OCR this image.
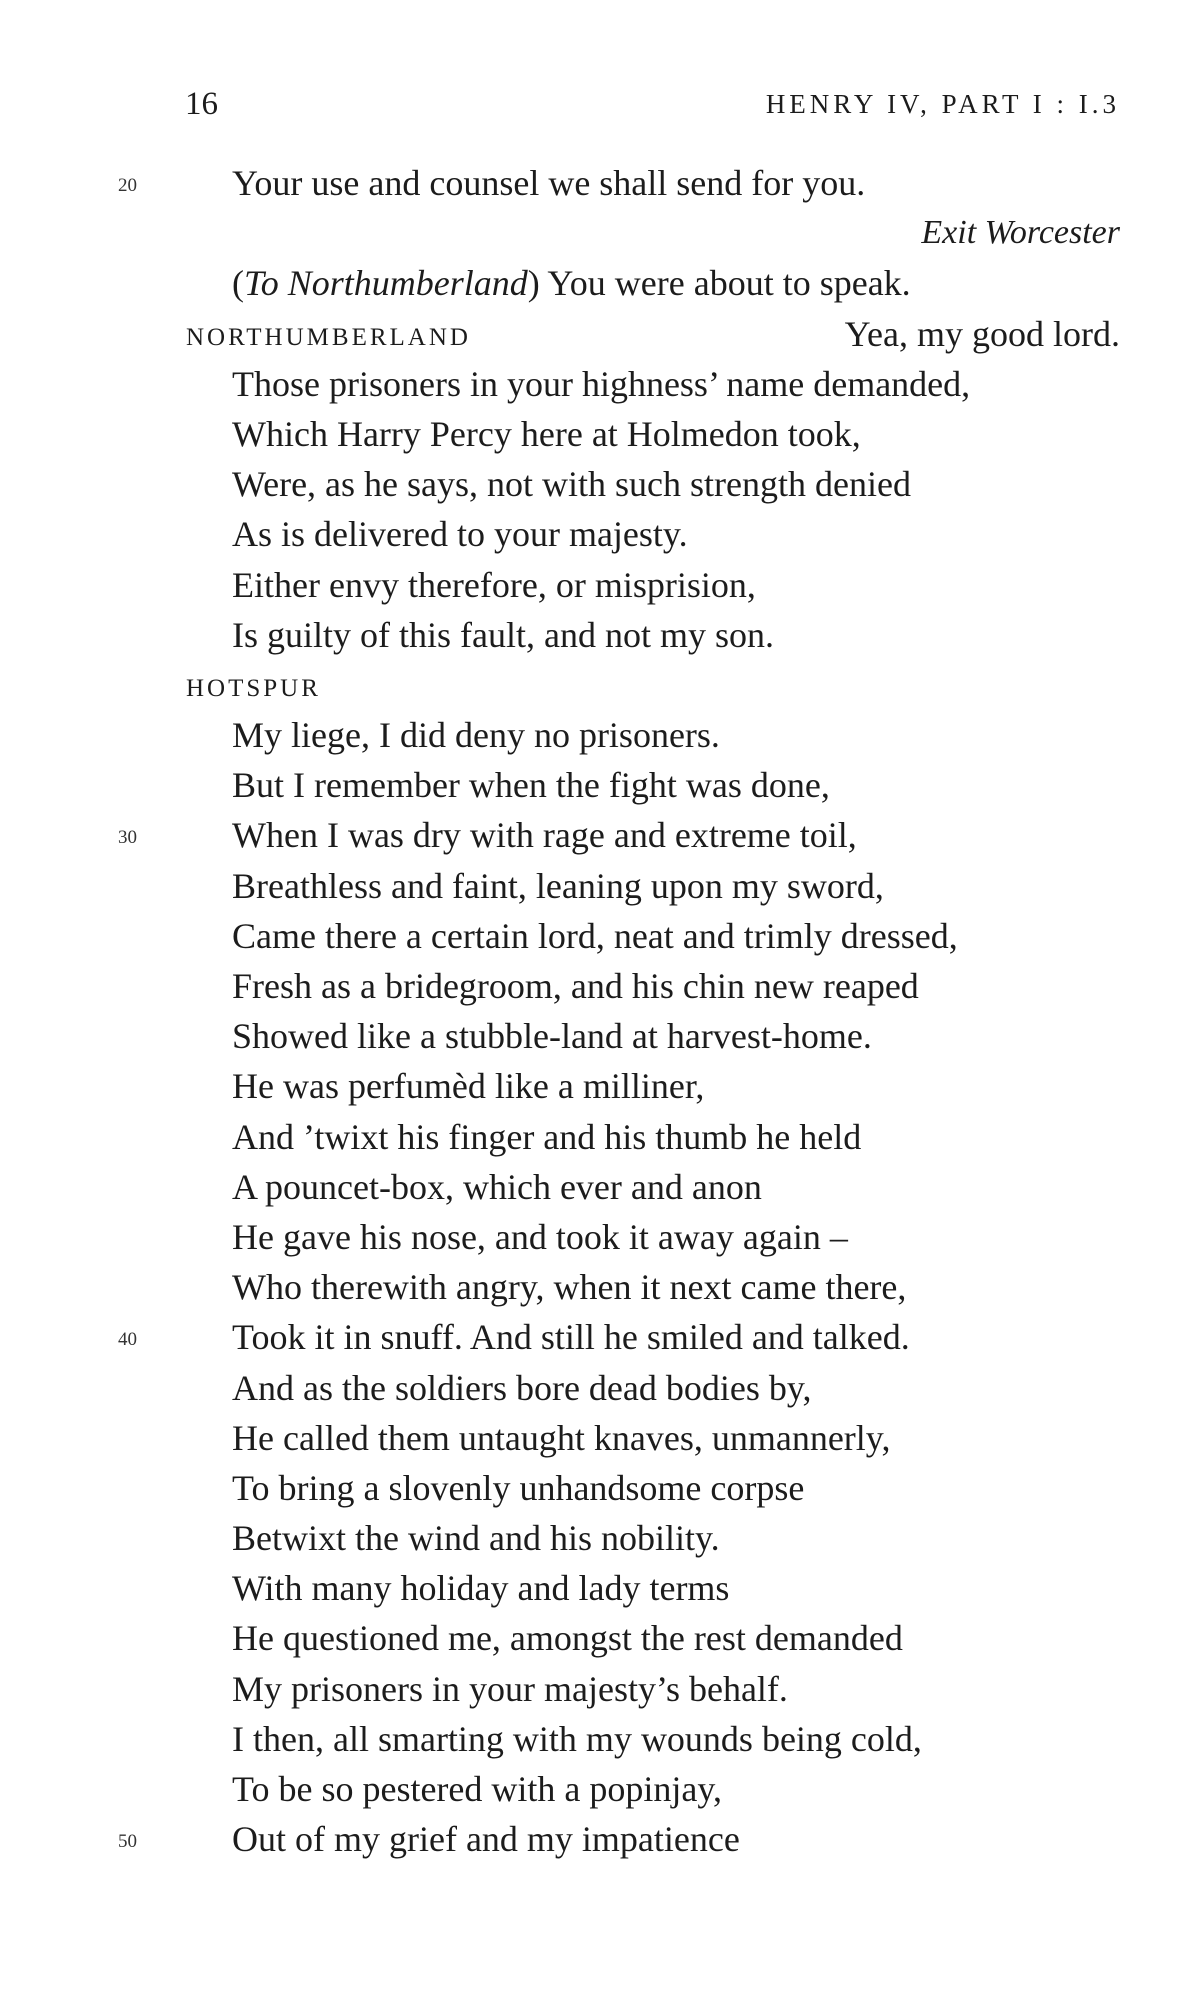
16	HENRY IV, PART I : I.3
20	Your use and counsel we shall send for you.
Exit Worcester
(To Northumberland) You were about to speak.
NORTHUMBERLAND	Yea, my good lord.
Those prisoners in your highness’ name demanded,
Which Harry Percy here at Holmedon took,
Were, as he says, not with such strength denied
As is delivered to your majesty.
Either envy therefore, or misprision,
Is guilty of this fault, and not my son.
HOTSPUR
My liege, I did deny no prisoners.
But I remember when the fight was done,
30	When I was dry with rage and extreme toil,
Breathless and faint, leaning upon my sword,
Came there a certain lord, neat and trimly dressed,
Fresh as a bridegroom, and his chin new reaped
Showed like a stubble-land at harvest-home.
He was perfumèd like a milliner,
And ’twixt his finger and his thumb he held
A pouncet-box, which ever and anon
He gave his nose, and took it away again –
Who therewith angry, when it next came there,
40	Took it in snuff. And still he smiled and talked.
And as the soldiers bore dead bodies by,
He called them untaught knaves, unmannerly,
To bring a slovenly unhandsome corpse
Betwixt the wind and his nobility.
With many holiday and lady terms
He questioned me, amongst the rest demanded
My prisoners in your majesty’s behalf.
I then, all smarting with my wounds being cold,
To be so pestered with a popinjay,
50	Out of my grief and my impatience
